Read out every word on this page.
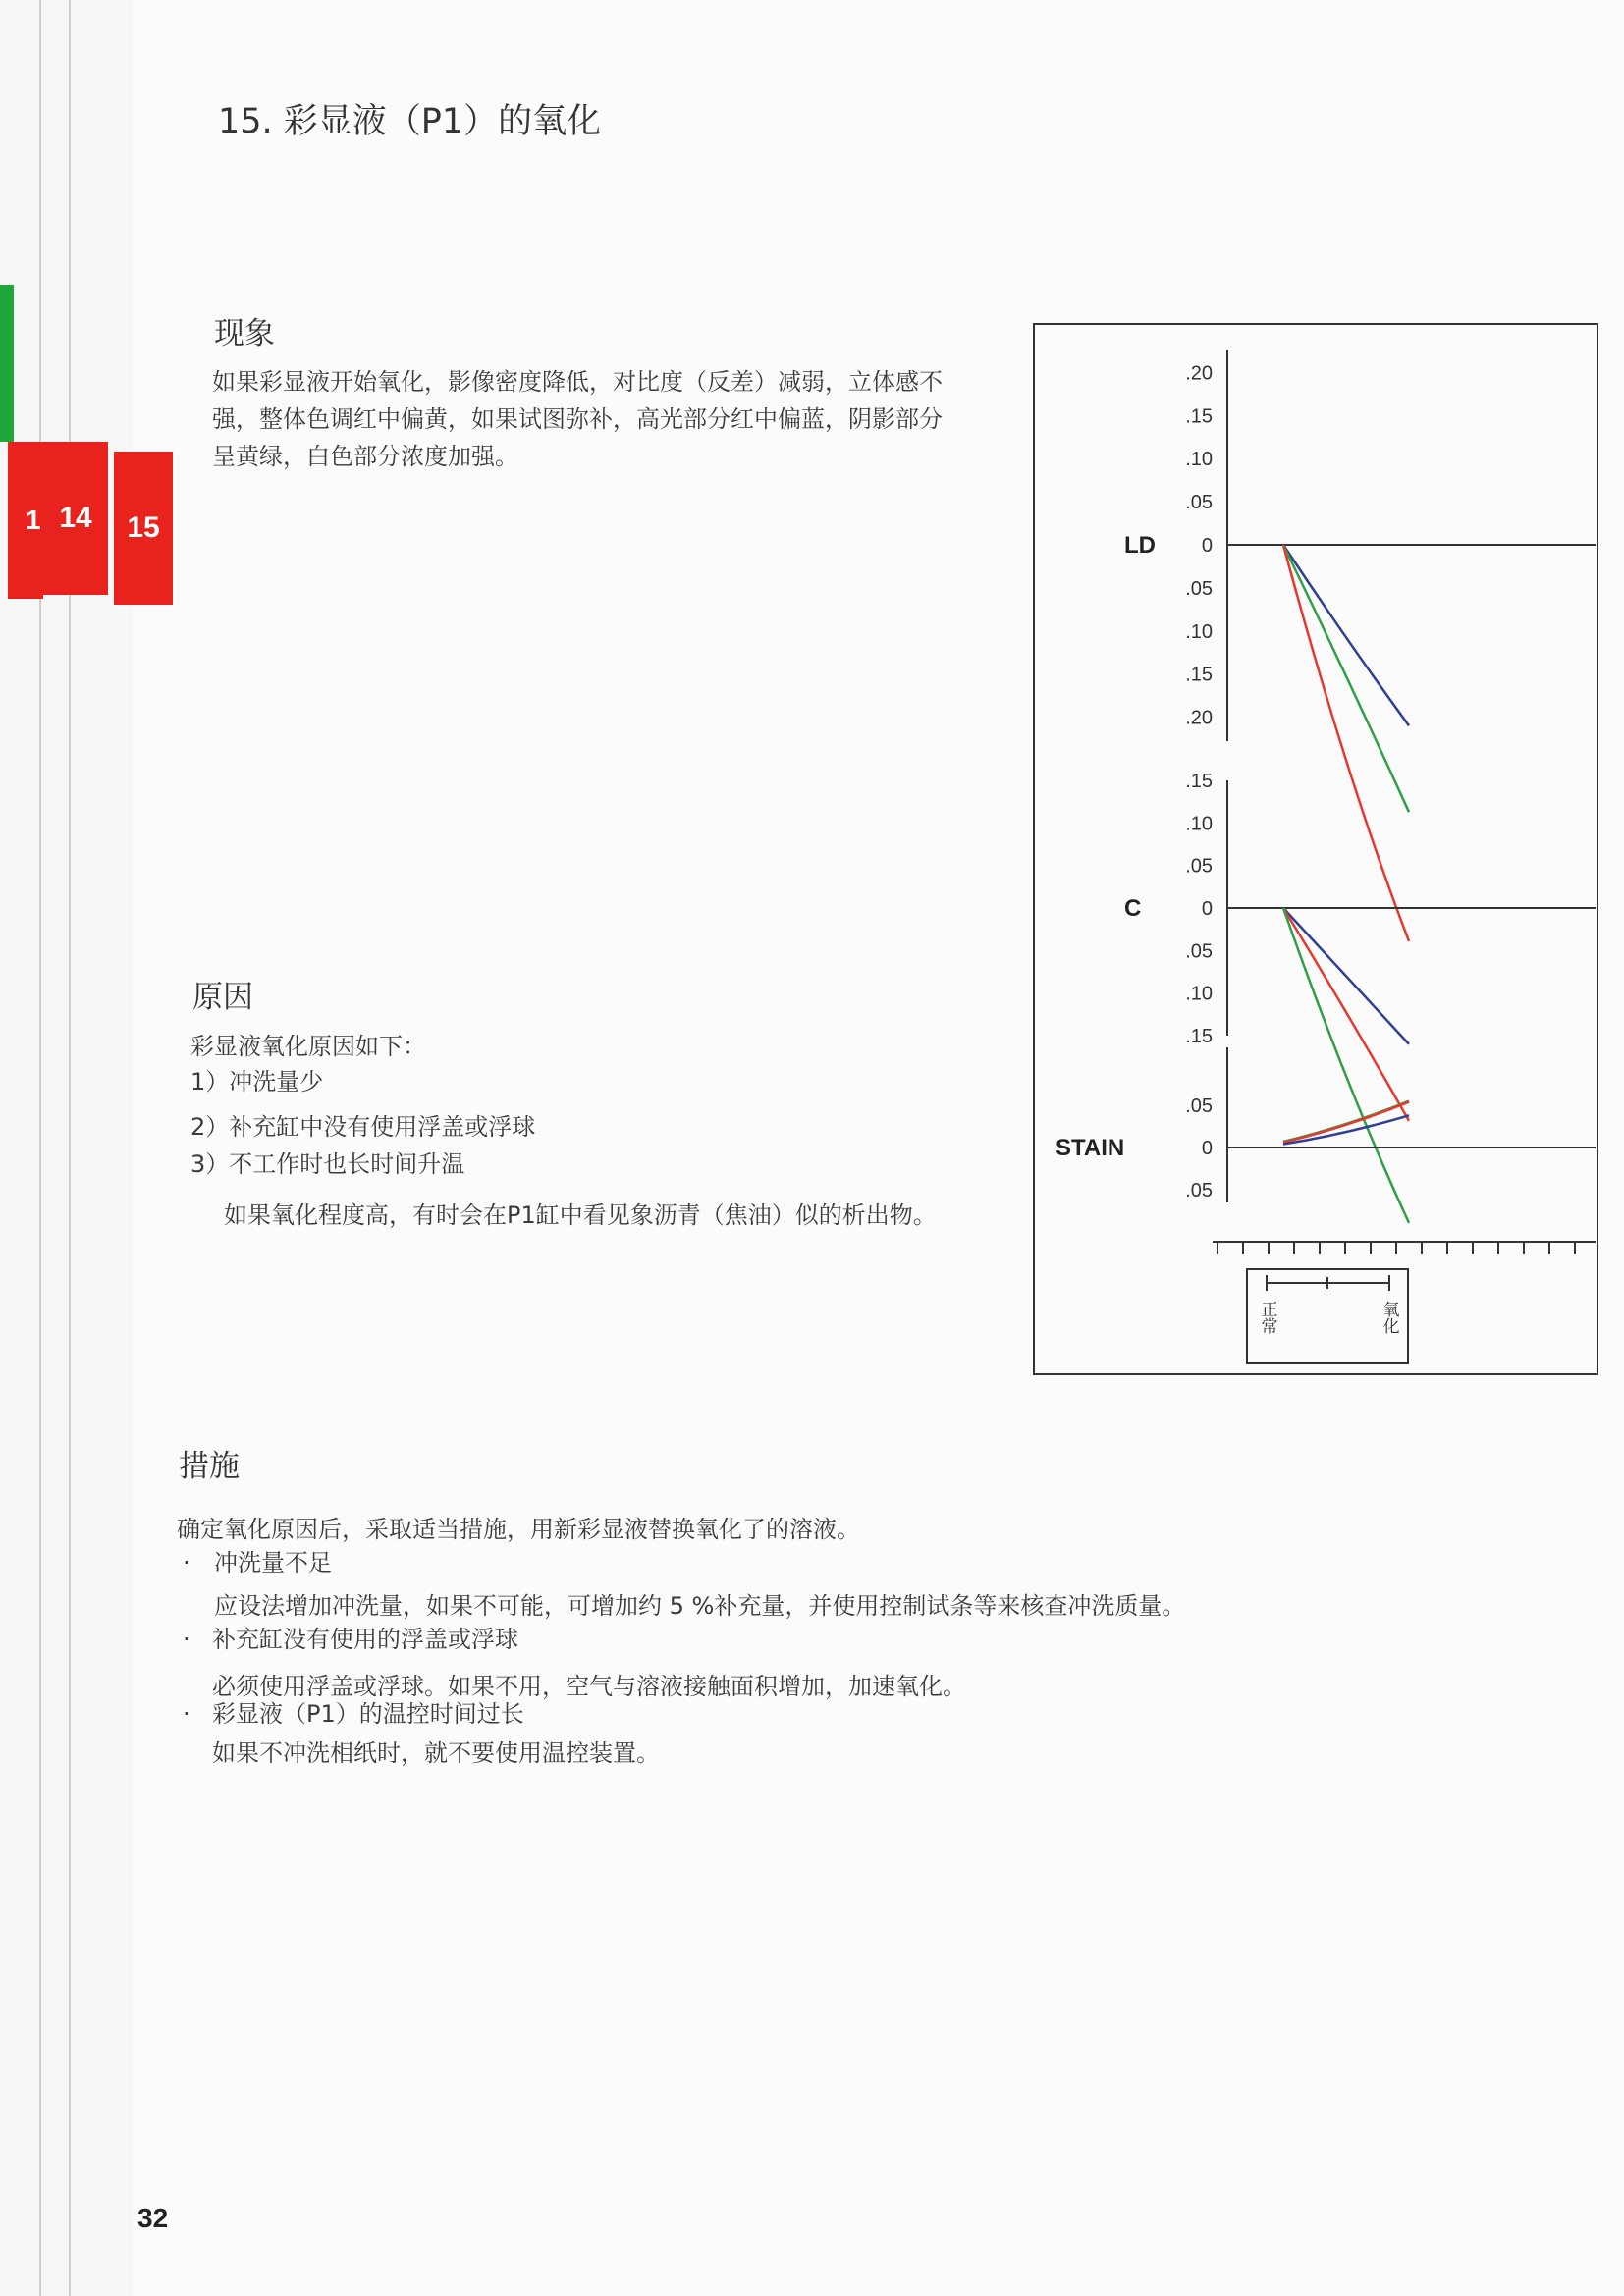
1 14 15
15. 彩显液（P1）的氧化
现象
如果彩显液开始氧化，影像密度降低，对比度（反差）减弱，立体感不
强，整体色调红中偏黄，如果试图弥补，高光部分红中偏蓝，阴影部分
呈黄绿，白色部分浓度加强。
原因
彩显液氧化原因如下：
1）冲洗量少
2）补充缸中没有使用浮盖或浮球
3）不工作时也长时间升温
如果氧化程度高，有时会在P1缸中看见象沥青（焦油）似的析出物。
措施
确定氧化原因后，采取适当措施，用新彩显液替换氧化了的溶液。
· 冲洗量不足
应设法增加冲洗量，如果不可能，可增加约 5 %补充量，并使用控制试条等来核查冲洗质量。
· 补充缸没有使用的浮盖或浮球
必须使用浮盖或浮球。如果不用，空气与溶液接触面积增加，加速氧化。
· 彩显液（P1）的温控时间过长
如果不冲洗相纸时，就不要使用温控装置。
LD
.20
.15
.10
.05
0
.05
.10
.15
.20
C
.15
.10
.05
0
.05
.10
.15
STAIN
.05
0
.05
正常	氧化
32
